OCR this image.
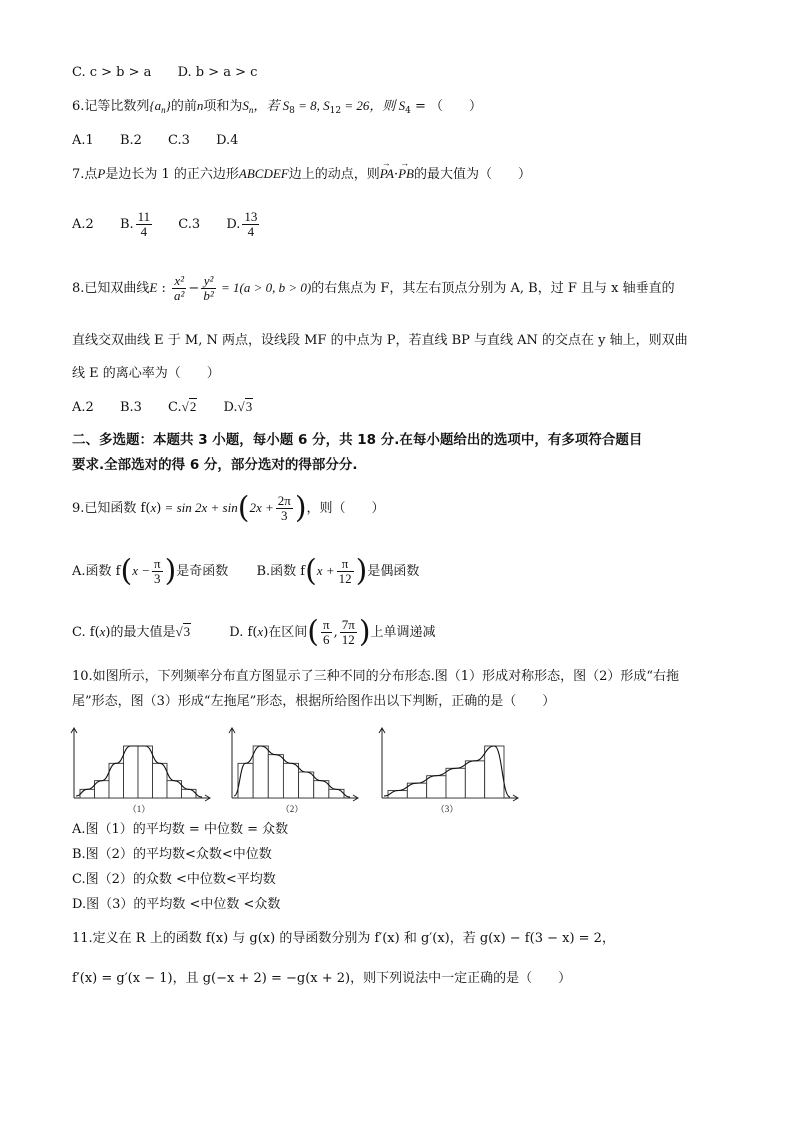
C. c > b > a D. b > a > c
6.记等比数列$\{a_n\}$的前n项和为$S_n$，若 $S_8 = 8$, $S_{12} = 26$，则 $S_4$ = （　　）
A.1 B.2 C.3 D.4
7.点P是边长为 1 的正六边形ABCDEF边上的动点，则→ PA·→ PB的最大值为（　　）
A.2 B. $\frac{11}{4} C.3$ D. $\frac{13}{4}$
8.已知双曲线E : $\frac{\text{x²}}{\text{a²}} - \frac{\text{y²}}{\text{b²}} = 1(a > 0$, b > 0)的右焦点为 F，其左右顶点分别为 A, B，过 F 且与 x 轴垂直的
直线交双曲线 E 于 M, N 两点，设线段 MF 的中点为 P，若直线 BP 与直线 AN 的交点在 y 轴上，则双曲
线 E 的离心率为（　　）
A.2 B.3 C.√2 D.√3
二、多选题：本题共 3 小题，每小题 6 分，共 18 分.在每小题给出的选项中，有多项符合题目
要求.全部选对的得 6 分，部分选对的得部分分.
9.已知函数 $f(x) = \sin 2x + \sin(2x + \frac{2\pi}{3}$ )，则（　　）
A.函数 $f(x - \frac{\pi}{3}$ )是奇函数 B.函数 $f(x + \frac{\pi}{12}$ )是偶函数
C. f(x)的最大值是√3	D. f(x)在区间( $\frac{\pi}{6}$ , $\frac{7\pi}{12}$ )上单调递减
10.如图所示，下列频率分布直方图显示了三种不同的分布形态.图（1）形成对称形态，图（2）形成“右拖
尾”形态，图（3）形成“左拖尾”形态，根据所给图作出以下判断，正确的是（　　）
（1）	（2）	（3）
A.图（1）的平均数 = 中位数 = 众数
B.图（2）的平均数<众数<中位数
C.图（2）的众数 <中位数<平均数
D.图（3）的平均数 <中位数 <众数
11.定义在 R 上的函数 f(x) 与 g(x) 的导函数分别为 f′(x) 和 g′(x)，若 g(x) − f(3 − x) = 2，
f′(x) = g′(x − 1)，且 g(−x + 2) = −g(x + 2)，则下列说法中一定正确的是（　　）
